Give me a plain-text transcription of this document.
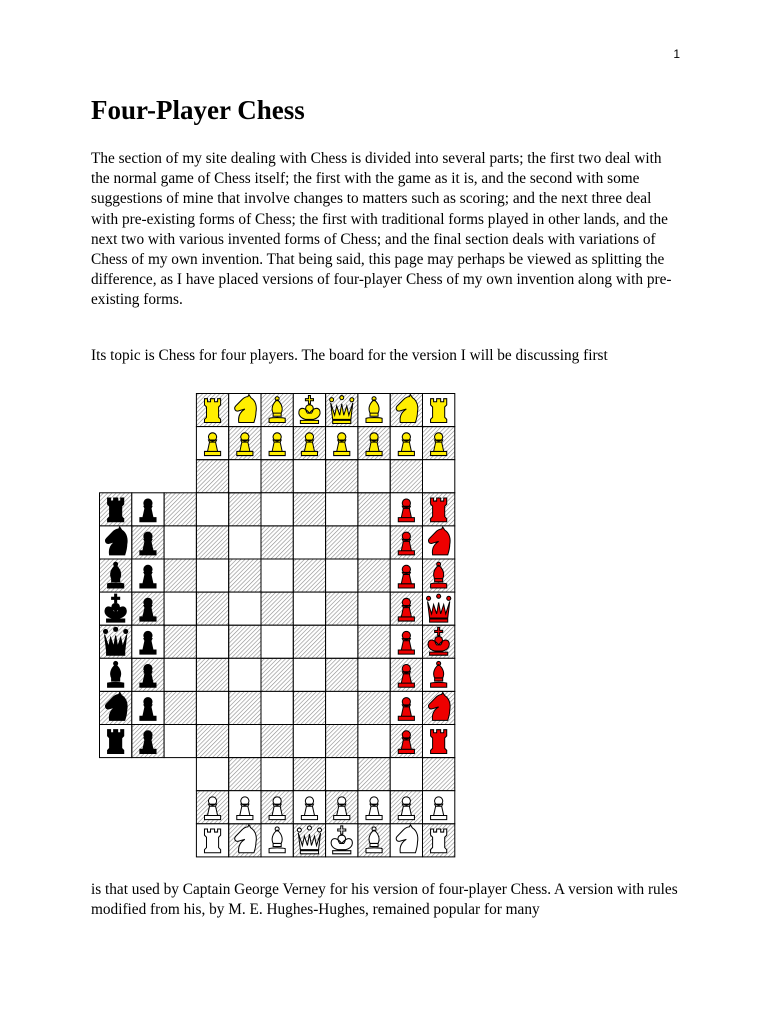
1
Four-Player Chess

The section of my site dealing with Chess is divided into several parts; the first two deal with the normal game of Chess itself; the first with the game as it is, and the second with some suggestions of mine that involve changes to matters such as scoring; and the next three deal with pre-existing forms of Chess; the first with traditional forms played in other lands, and the next two with various invented forms of Chess; and the final section deals with variations of Chess of my own invention. That being said, this page may perhaps be viewed as splitting the difference, as I have placed versions of four-player Chess of my own invention along with pre-existing forms.

Its topic is Chess for four players. The board for the version I will be discussing first

is that used by Captain George Verney for his version of four-player Chess. A version with rules modified from his, by M. E. Hughes-Hughes, remained popular for many
